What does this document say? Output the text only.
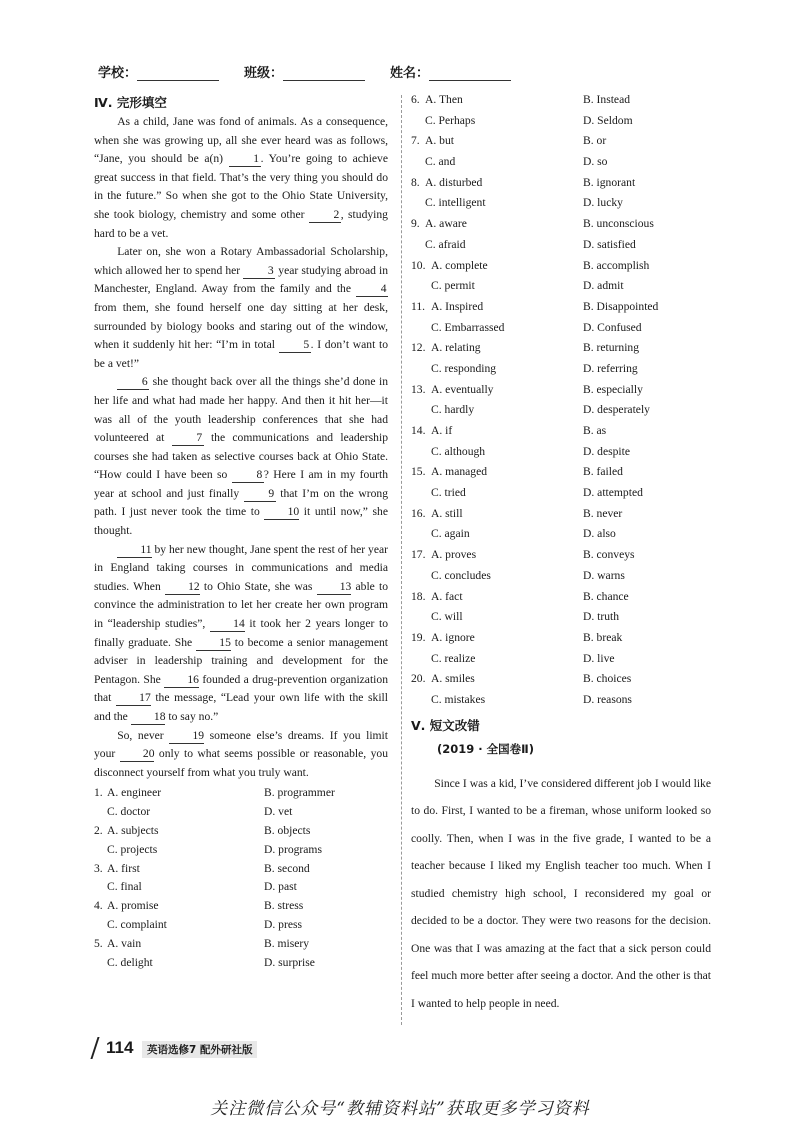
学校：	班级：	姓名：
Ⅳ. 完形填空

As a child, Jane was fond of animals. As a consequence, when she was growing up, all she ever heard was as follows, “Jane, you should be a(n) 1 . You’re going to achieve great success in that field. That’s the very thing you should do in the future.” So when she got to the Ohio State University, she took biology, chemistry and some other 2 , studying hard to be a vet.

Later on, she won a Rotary Ambassadorial Scholarship, which allowed her to spend her 3 year studying abroad in Manchester, England. Away from the family and the 4 from them, she found herself one day sitting at her desk, surrounded by biology books and staring out of the window, when it suddenly hit her: “I’m in total 5 . I don’t want to be a vet!”

6 she thought back over all the things she’d done in her life and what had made her happy. And then it hit her—it was all of the youth leadership conferences that she had volunteered at 7 the communications and leadership courses she had taken as selective courses back at Ohio State. “How could I have been so 8 ? Here I am in my fourth year at school and just finally 9 that I’m on the wrong path. I just never took the time to 10 it until now,” she thought.

11 by her new thought, Jane spent the rest of her year in England taking courses in communications and media studies. When 12 to Ohio State, she was 13 able to convince the administration to let her create her own program in “leadership studies”, 14 it took her 2 years longer to finally graduate. She 15 to become a senior management adviser in leadership training and development for the Pentagon. She 16 founded a drug-prevention organization that 17 the message, “Lead your own life with the skill and the 18 to say no.”

So, never 19 someone else’s dreams. If you limit your 20 only to what seems possible or reasonable, you disconnect yourself from what you truly want.

1. A. engineer	B. programmer
C. doctor	D. vet
2. A. subjects	B. objects
C. projects	D. programs
3. A. first	B. second
C. final	D. past
4. A. promise	B. stress
C. complaint	D. press
5. A. vain	B. misery
C. delight	D. surprise
6. A. Then	B. Instead
C. Perhaps	D. Seldom
7. A. but	B. or
C. and	D. so
8. A. disturbed	B. ignorant
C. intelligent	D. lucky
9. A. aware	B. unconscious
C. afraid	D. satisfied
10. A. complete	B. accomplish
C. permit	D. admit
11. A. Inspired	B. Disappointed
C. Embarrassed	D. Confused
12. A. relating	B. returning
C. responding	D. referring
13. A. eventually	B. especially
C. hardly	D. desperately
14. A. if	B. as
C. although	D. despite
15. A. managed	B. failed
C. tried	D. attempted
16. A. still	B. never
C. again	D. also
17. A. proves	B. conveys
C. concludes	D. warns
18. A. fact	B. chance
C. will	D. truth
19. A. ignore	B. break
C. realize	D. live
20. A. smiles	B. choices
C. mistakes	D. reasons
Ⅴ. 短文改错
(2019 · 全国卷Ⅱ)

Since I was a kid, I’ve considered different job I would like to do. First, I wanted to be a fireman, whose uniform looked so coolly. Then, when I was in the five grade, I wanted to be a teacher because I liked my English teacher too much. When I studied chemistry high school, I reconsidered my goal or decided to be a doctor. They were two reasons for the decision. One was that I was amazing at the fact that a sick person could feel much more better after seeing a doctor. And the other is that I wanted to help people in need.

114	英语选修7 配外研社版
关注微信公众号“教辅资料站”获取更多学习资料
